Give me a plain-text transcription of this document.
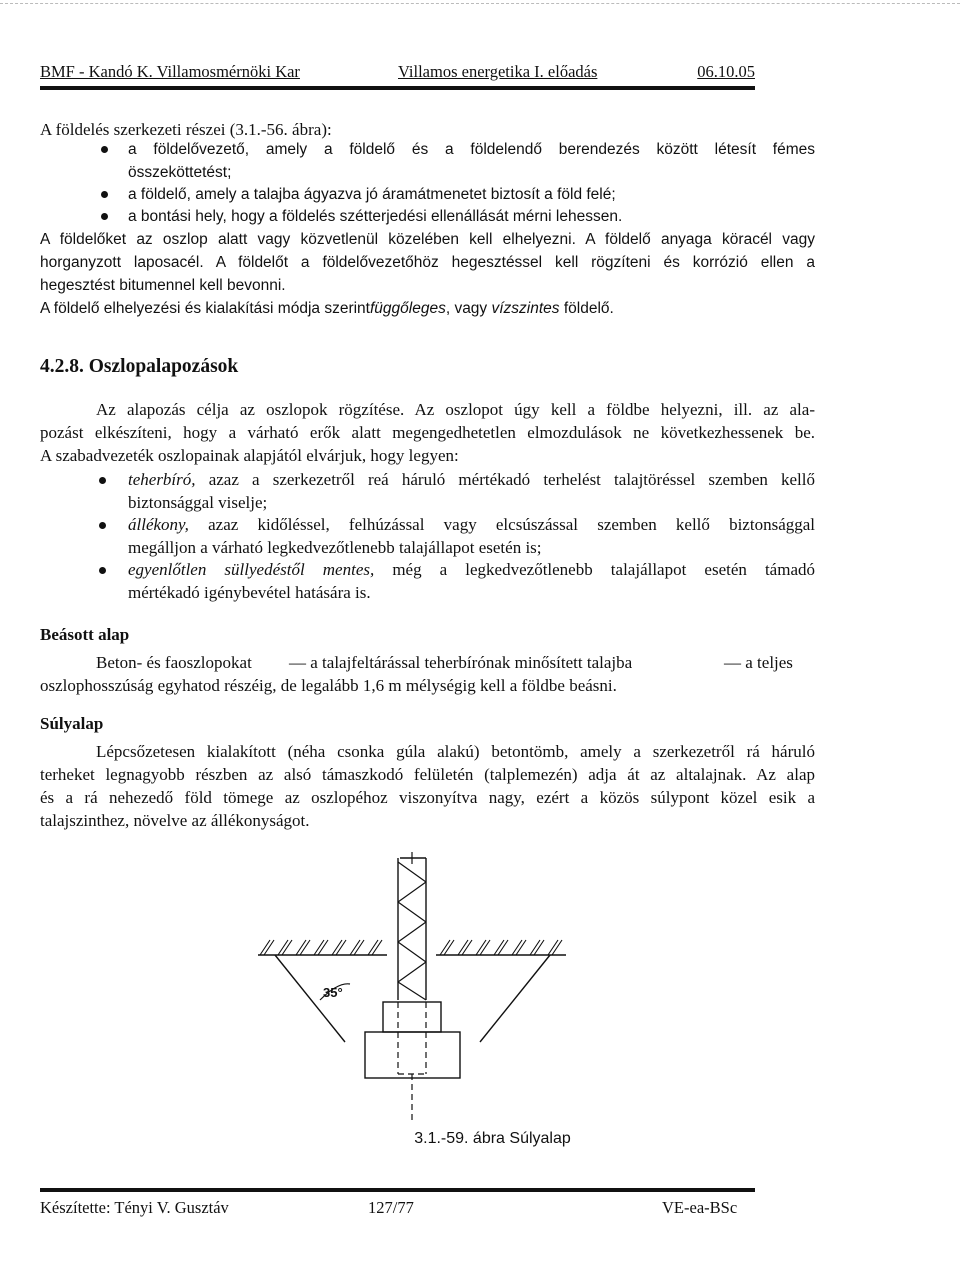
BMF - Kandó K. Villamosmérnöki Kar	Villamos energetika I. előadás	06.10.05
A földelés szerkezeti részei (3.1.-56. ábra):
a földelővezető, amely a földelő és a földelendő berendezés között létesít fémes
összeköttetést;
a földelő, amely a talajba ágyazva jó áramátmenetet biztosít a föld felé;
a bontási hely, hogy a földelés szétterjedési ellenállását mérni lehessen.
A földelőket az oszlop alatt vagy közvetlenül közelében kell elhelyezni. A földelő anyaga köracél vagy
horganyzott laposacél. A földelőt a földelővezetőhöz hegesztéssel kell rögzíteni és korrózió ellen a
hegesztést bitumennel kell bevonni.
A földelő elhelyezési és kialakítási módja szerintfüggőleges, vagy vízszintes földelő.
4.2.8. Oszlopalapozások
Az alapozás célja az oszlopok rögzítése. Az oszlopot úgy kell a földbe helyezni, ill. az ala-
pozást elkészíteni, hogy a várható erők alatt megengedhetetlen elmozdulások ne következhessenek be.
A szabadvezeték oszlopainak alapjától elvárjuk, hogy legyen:
teherbíró, azaz a szerkezetről reá háruló mértékadó terhelést talajtöréssel szemben kellő
biztonsággal viselje;
állékony, azaz kidőléssel, felhúzással vagy elcsúszással szemben kellő biztonsággal
megálljon a várható legkedvezőtlenebb talajállapot esetén is;
egyenlőtlen süllyedéstől mentes, még a legkedvezőtlenebb talajállapot esetén támadó
mértékadó igénybevétel hatására is.
Beásott alap
Beton- és faoszlopokat — a talajfeltárással teherbírónak minősített talajba	— a teljes
oszlophosszúság egyhatod részéig, de legalább 1,6 m mélységig kell a földbe beásni.
Súlyalap
Lépcsőzetesen kialakított (néha csonka gúla alakú) betontömb, amely a szerkezetről rá háruló
terheket legnagyobb részben az alsó támaszkodó felületén (talplemezén) adja át az altalajnak. Az alap
és a rá nehezedő föld tömege az oszlopéhoz viszonyítva nagy, ezért a közös súlypont közel esik a
talajszinthez, növelve az állékonyságot.
35°
3.1.-59. ábra Súlyalap
Készítette: Tényi V. Gusztáv	127/77	VE-ea-BSc
